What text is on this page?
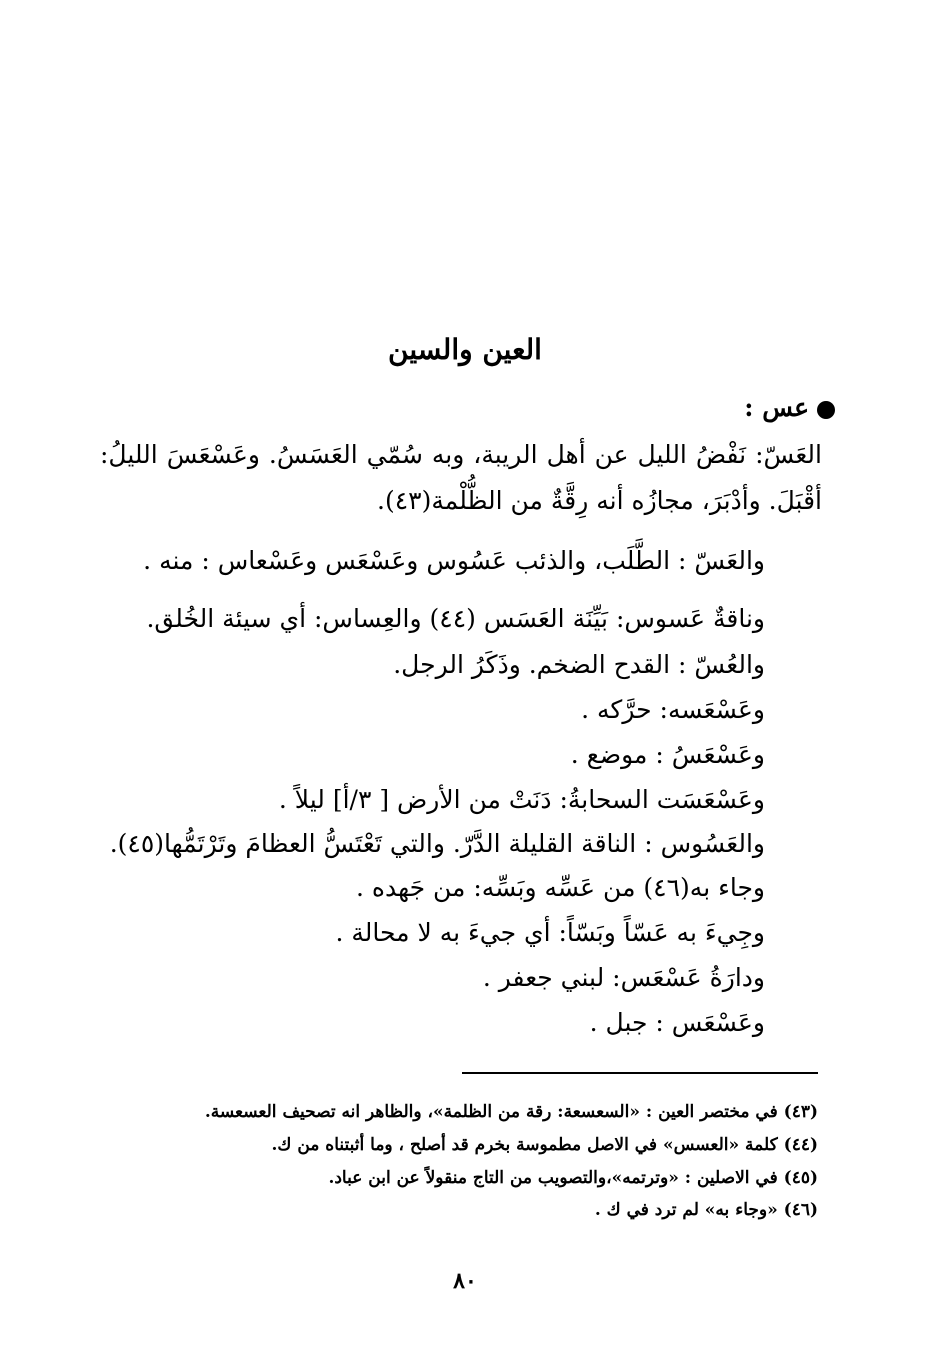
العين والسين
عس :

العَسّ: نَفْضُ الليل عن أهل الريبة، وبه سُمّي العَسَسُ. وعَسْعَسَ الليلُ: أقْبَلَ. وأدْبَرَ، مجازُه أنه رِقَّةٌ من الظُّلْمة(٤٣).

والعَسّ : الطَّلَب، والذئب عَسُوس وعَسْعَس وعَسْعاس : منه .

وناقةٌ عَسوس: بَيِّنَة العَسَس (٤٤) والعِساس: أي سيئة الخُلق.

والعُسّ : القدح الضخم. وذَكَرُ الرجل.

وعَسْعَسه: حرَّكه .

وعَسْعَسُ : موضع .

وعَسْعَسَت السحابةُ: دَنَتْ من الأرض [ ٣/أ] ليلاً .

والعَسُوس : الناقة القليلة الدَّرّ. والتي تَعْتَسُّ العظامَ وتَرْتَمُّها(٤٥).

وجاء به(٤٦) من عَسِّه وبَسِّه: من جَهده .

وجِيءَ به عَسّاً وبَسّاً: أي جيءَ به لا محالة .

ودارَةُ عَسْعَس: لبني جعفر .

وعَسْعَس : جبل .

(٤٣) في مختصر العين : «السعسعة: رقة من الظلمة»، والظاهر انه تصحيف العسعسة.

(٤٤) كلمة «العسس» في الاصل مطموسة بخرم قد أصلح ، وما أثبتناه من ك.

(٤٥) في الاصلين : «وترتمه»،والتصويب من التاج منقولاً عن ابن عباد.

(٤٦) «وجاء به» لم ترد في ك .

٨٠
